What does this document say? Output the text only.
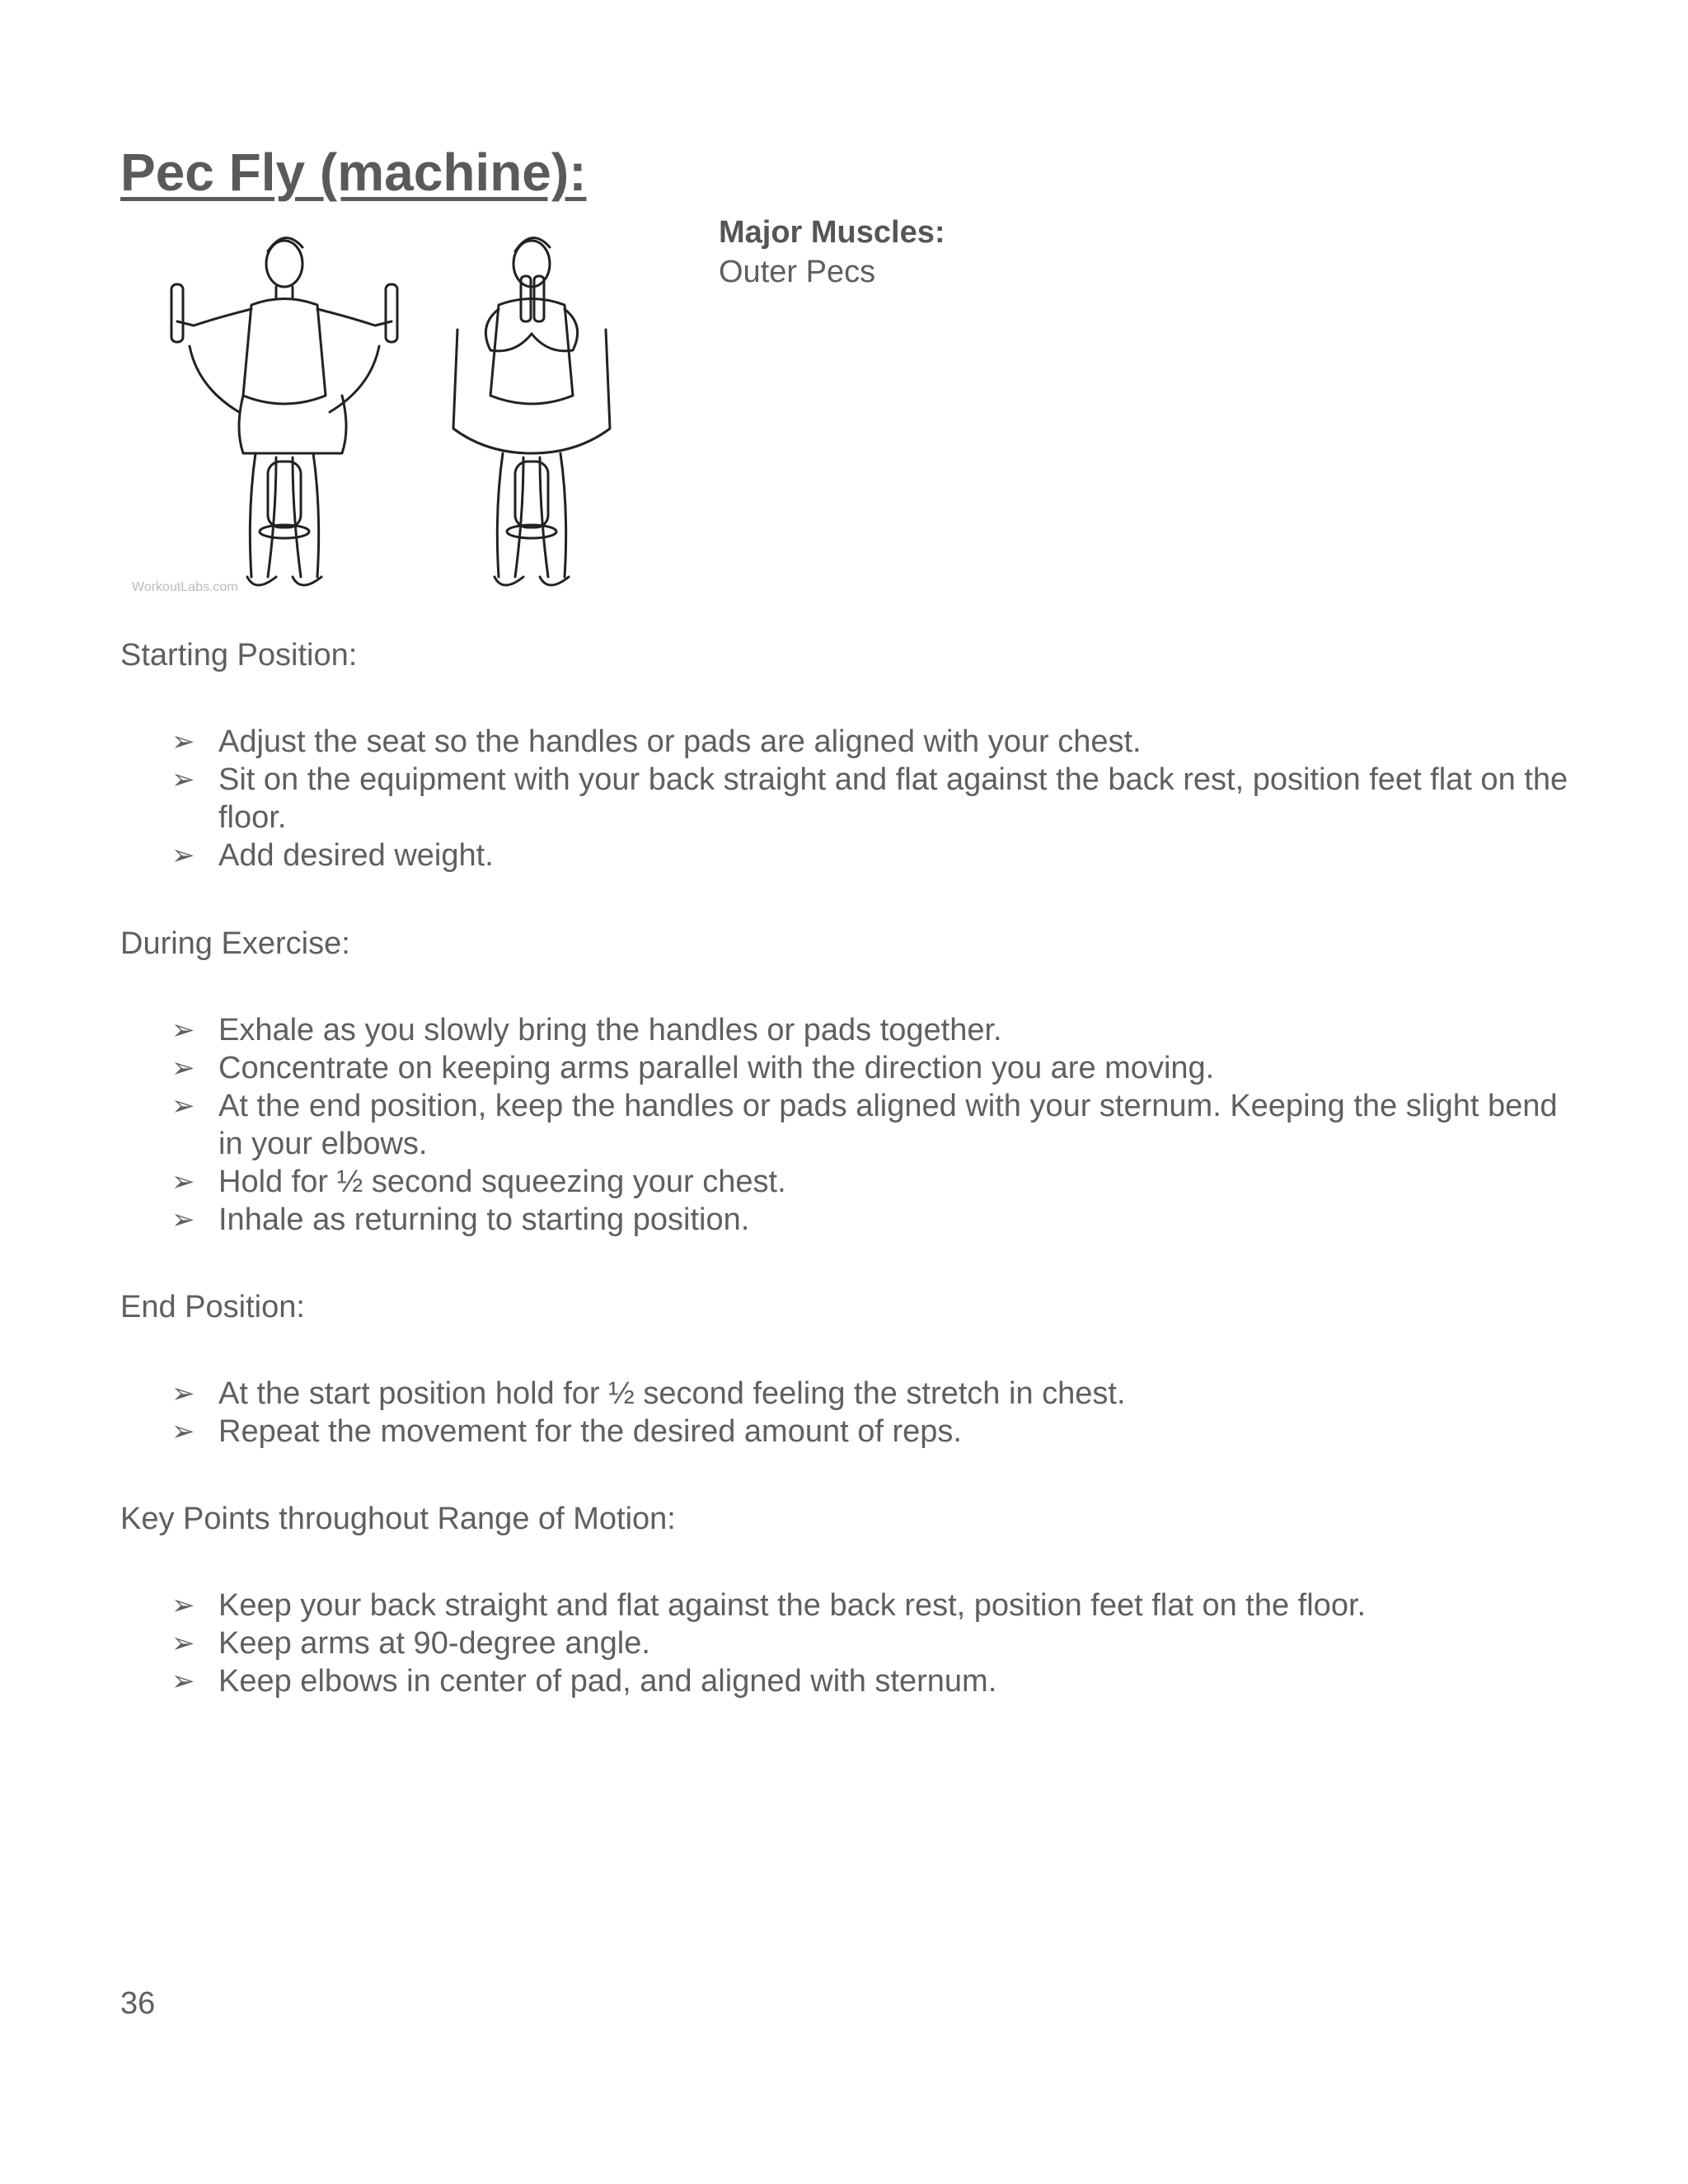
Pec Fly (machine):
WorkoutLabs.com
Major Muscles:
Outer Pecs
Starting Position:
➢ Adjust the seat so the handles or pads are aligned with your chest.
➢ Sit on the equipment with your back straight and flat against the back rest, position feet flat on the floor.
➢ Add desired weight.
During Exercise:
➢ Exhale as you slowly bring the handles or pads together.
➢ Concentrate on keeping arms parallel with the direction you are moving.
➢ At the end position, keep the handles or pads aligned with your sternum. Keeping the slight bend in your elbows.
➢ Hold for ½ second squeezing your chest.
➢ Inhale as returning to starting position.
End Position:
➢ At the start position hold for ½ second feeling the stretch in chest.
➢ Repeat the movement for the desired amount of reps.
Key Points throughout Range of Motion:
➢ Keep your back straight and flat against the back rest, position feet flat on the floor.
➢ Keep arms at 90-degree angle.
➢ Keep elbows in center of pad, and aligned with sternum.
36
